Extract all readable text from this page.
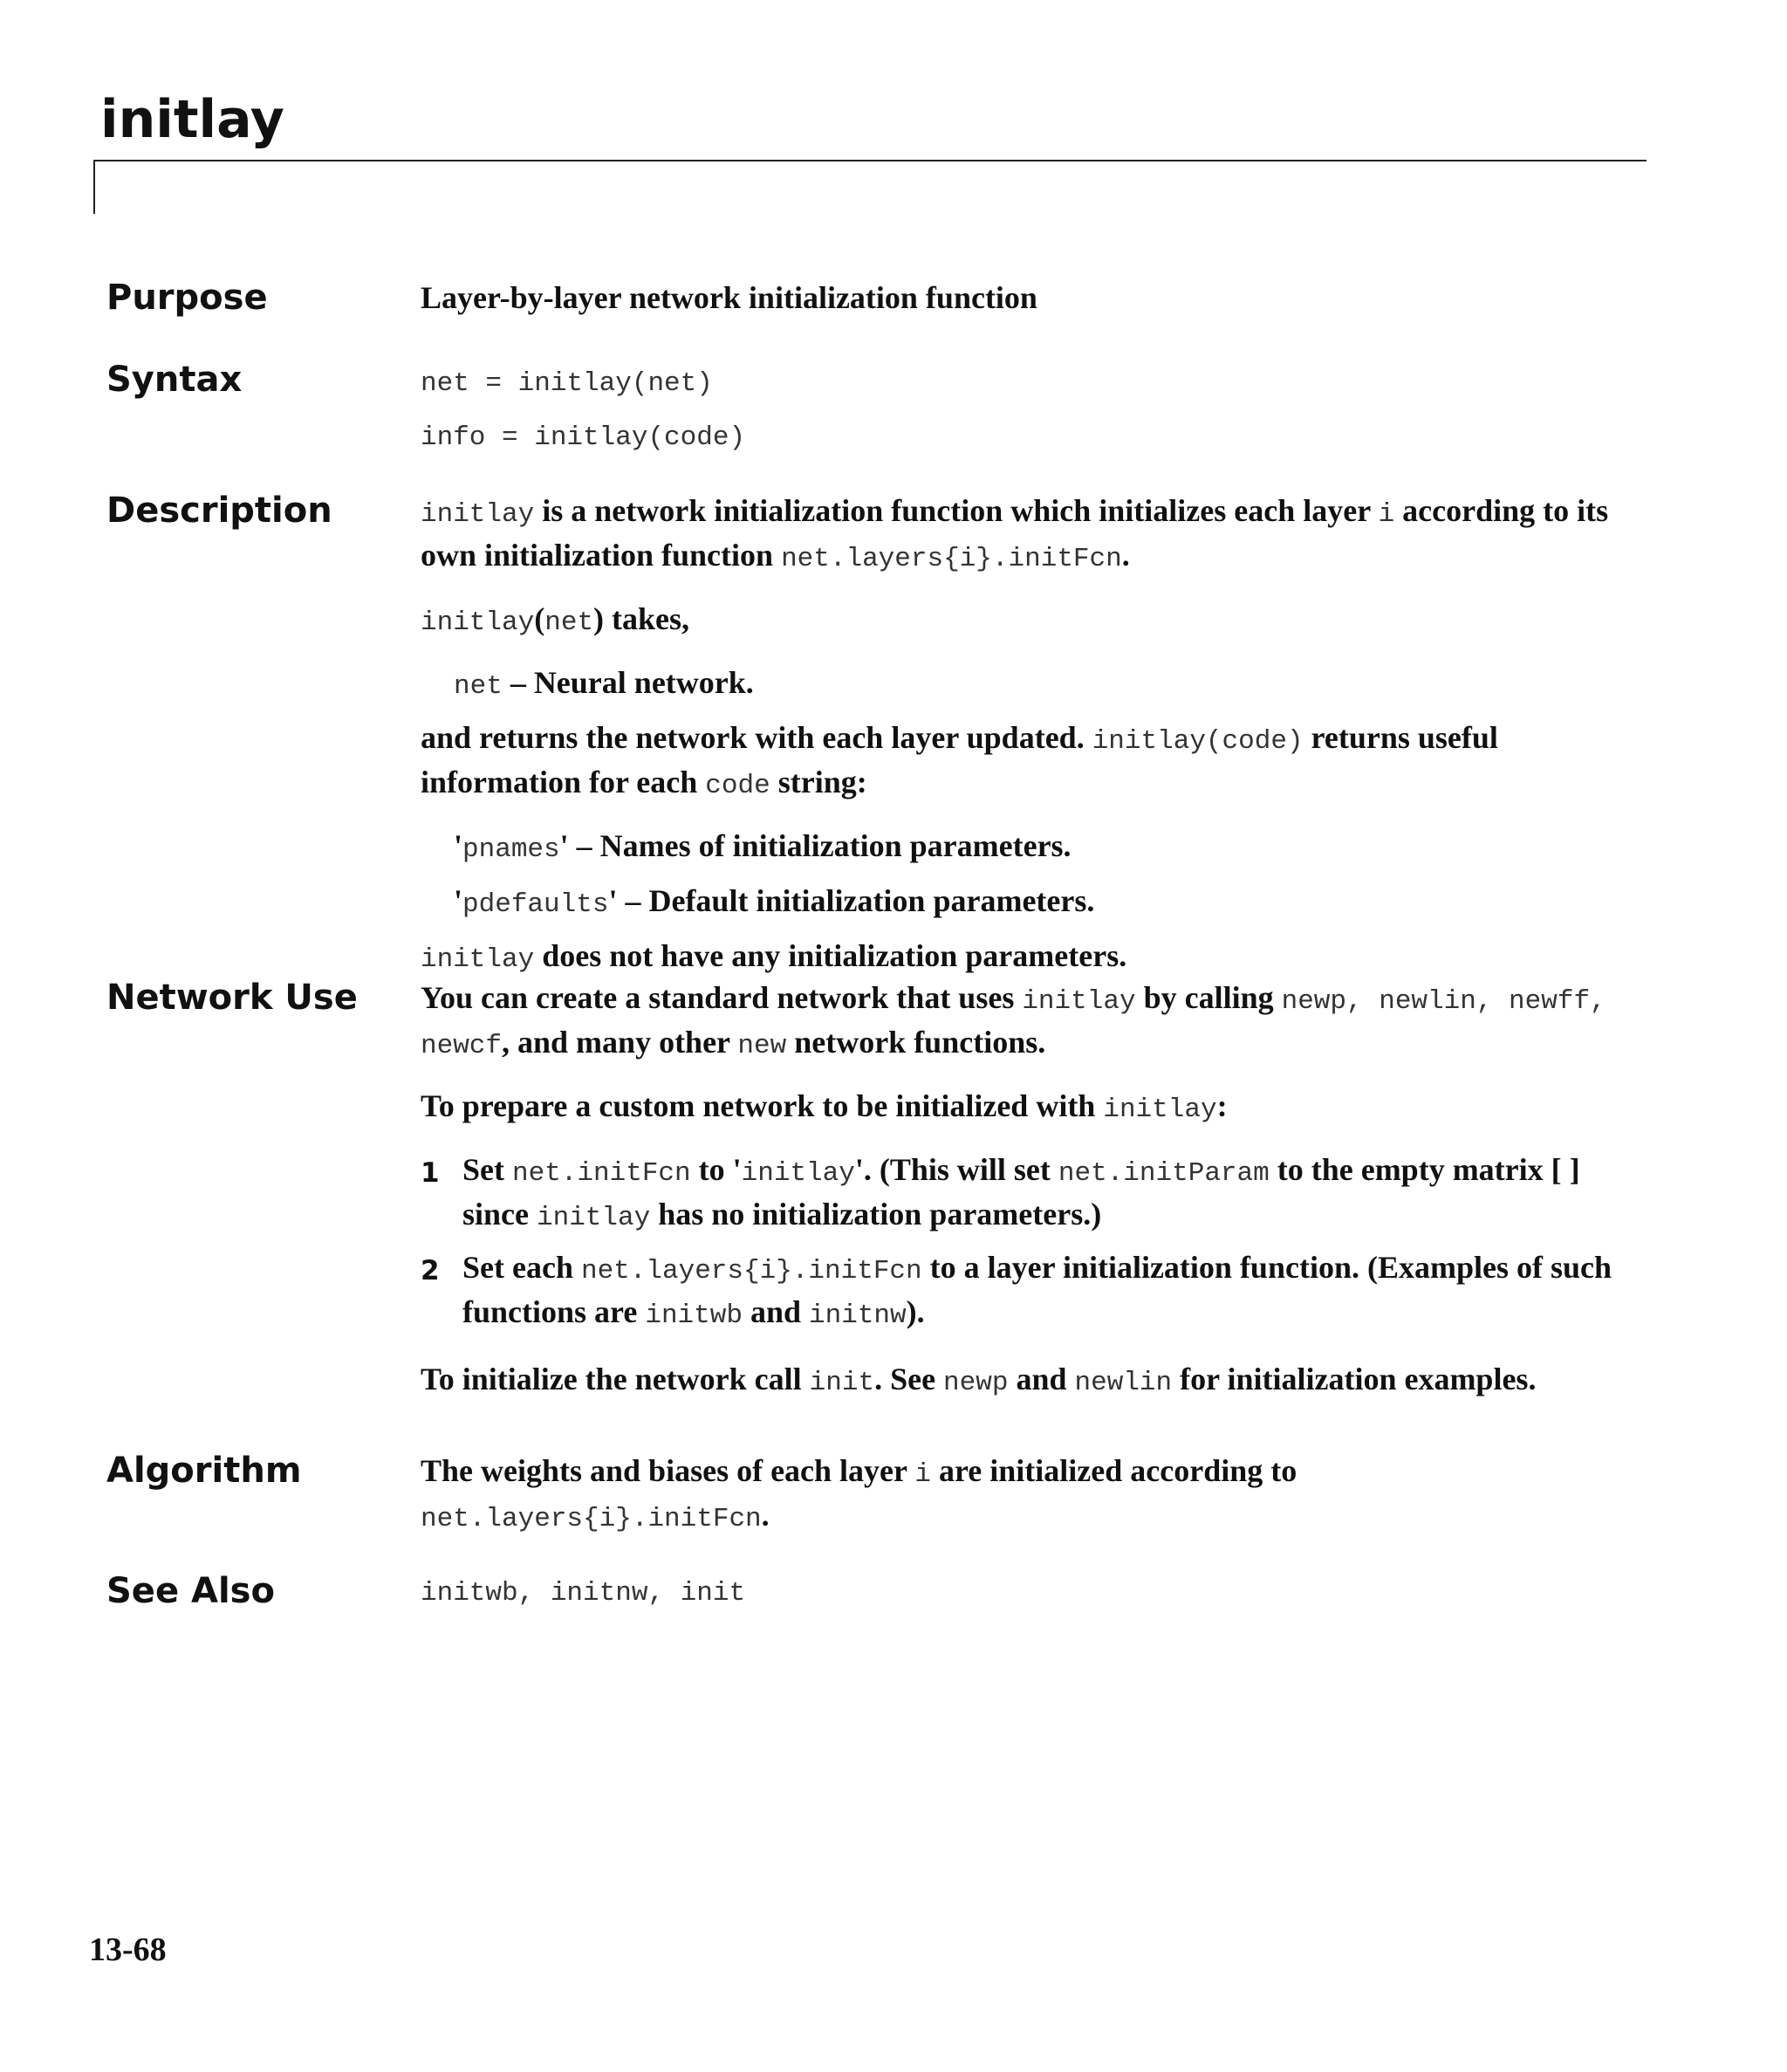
initlay
Purpose	Layer-by-layer network initialization function

Syntax	net = initlay(net)
info = initlay(code)
Description	initlay is a network initialization function which initializes each layer i according to its own initialization function net.layers{i}.initFcn.

initlay(net) takes,

net – Neural network.

and returns the network with each layer updated. initlay(code) returns useful information for each code string:

'pnames' – Names of initialization parameters.

'pdefaults' – Default initialization parameters.

initlay does not have any initialization parameters.

Network Use You can create a standard network that uses initlay by calling newp, newlin, newff, newcf, and many other new network functions.

To prepare a custom network to be initialized with initlay:

1 Set net.initFcn to 'initlay'. (This will set net.initParam to the empty matrix [ ] since initlay has no initialization parameters.)
2 Set each net.layers{i}.initFcn to a layer initialization function. (Examples of such functions are initwb and initnw).

To initialize the network call init. See newp and newlin for initialization examples.

Algorithm	The weights and biases of each layer i are initialized according to net.layers{i}.initFcn.

See Also	initwb, initnw, init
13-68
